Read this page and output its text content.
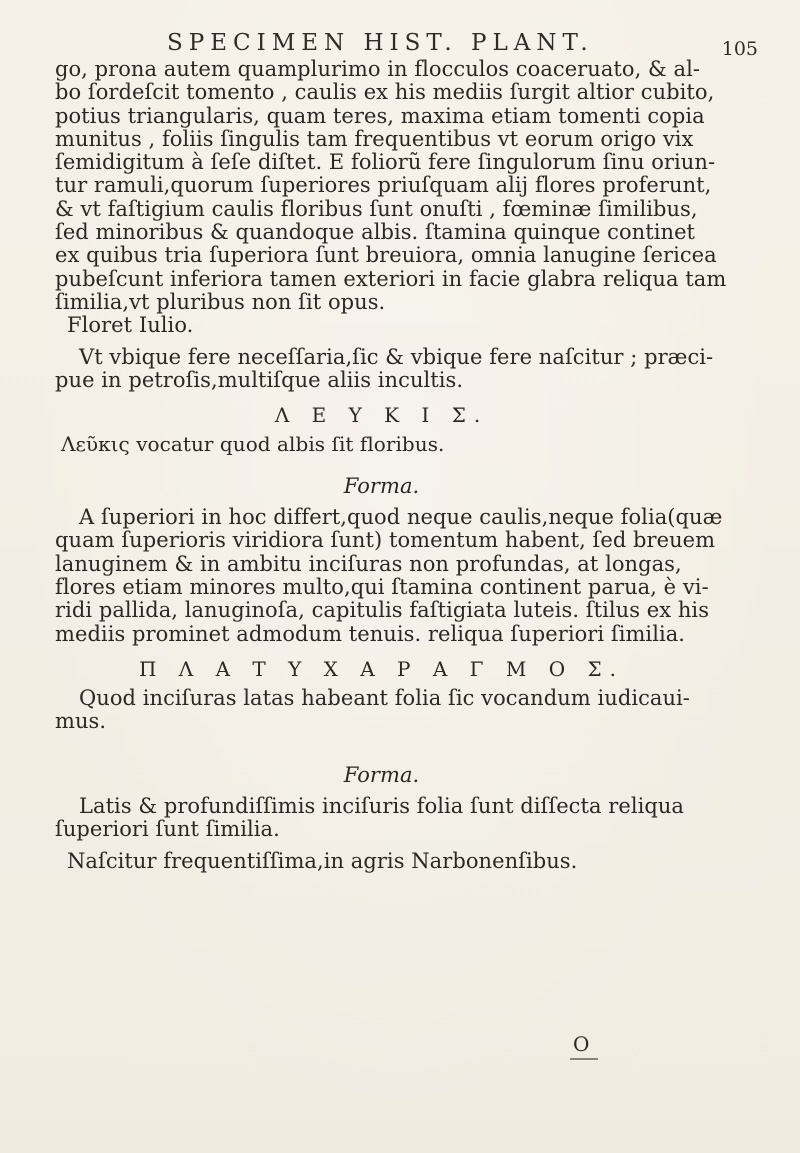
SPECIMEN HIST. PLANT.	105
go, prona autem quamplurimo in flocculos coaceruato, & al-
bo ſordeſcit tomento , caulis ex his mediis ſurgit altior cubito,
potius triangularis, quam teres, maxima etiam tomenti copia
munitus , foliis ſingulis tam frequentibus vt eorum origo vix
ſemidigitum à ſeſe diſtet. E foliorũ fere ſingulorum ſinu oriun-
tur ramuli,quorum ſuperiores priuſquam alij flores proferunt,
& vt faſtigium caulis floribus ſunt onuſti , fœminæ ſimilibus,
ſed minoribus & quandoque albis. ſtamina quinque continet
ex quibus tria ſuperiora ſunt breuiora, omnia lanugine ſericea
pubeſcunt inferiora tamen exteriori in facie glabra reliqua tam
ſimilia,vt pluribus non ſit opus.
Floret Iulio.
Vt vbique fere neceſſaria,ſic & vbique fere naſcitur ; præci-
pue in petroſis,multiſque aliis incultis.
Λ Ε Υ Κ Ι Σ.
Λεῦκις vocatur quod albis ſit floribus.
Forma.
A ſuperiori in hoc differt,quod neque caulis,neque folia(quæ
quam ſuperioris viridiora ſunt) tomentum habent, ſed breuem
lanuginem & in ambitu inciſuras non profundas, at longas,
flores etiam minores multo,qui ſtamina continent parua, è vi-
ridi pallida, lanuginoſa, capitulis faſtigiata luteis. ſtilus ex his
mediis prominet admodum tenuis. reliqua ſuperiori ſimilia.
Π Λ Α Τ Υ Χ Α Ρ Α Γ Μ Ο Σ.
Quod inciſuras latas habeant folia ſic vocandum iudicaui-
mus.
Forma.
Latis & profundiſſimis inciſuris folia ſunt diſſecta reliqua
ſuperiori ſunt ſimilia.
Naſcitur frequentiſſima,in agris Narbonenſibus.
O
